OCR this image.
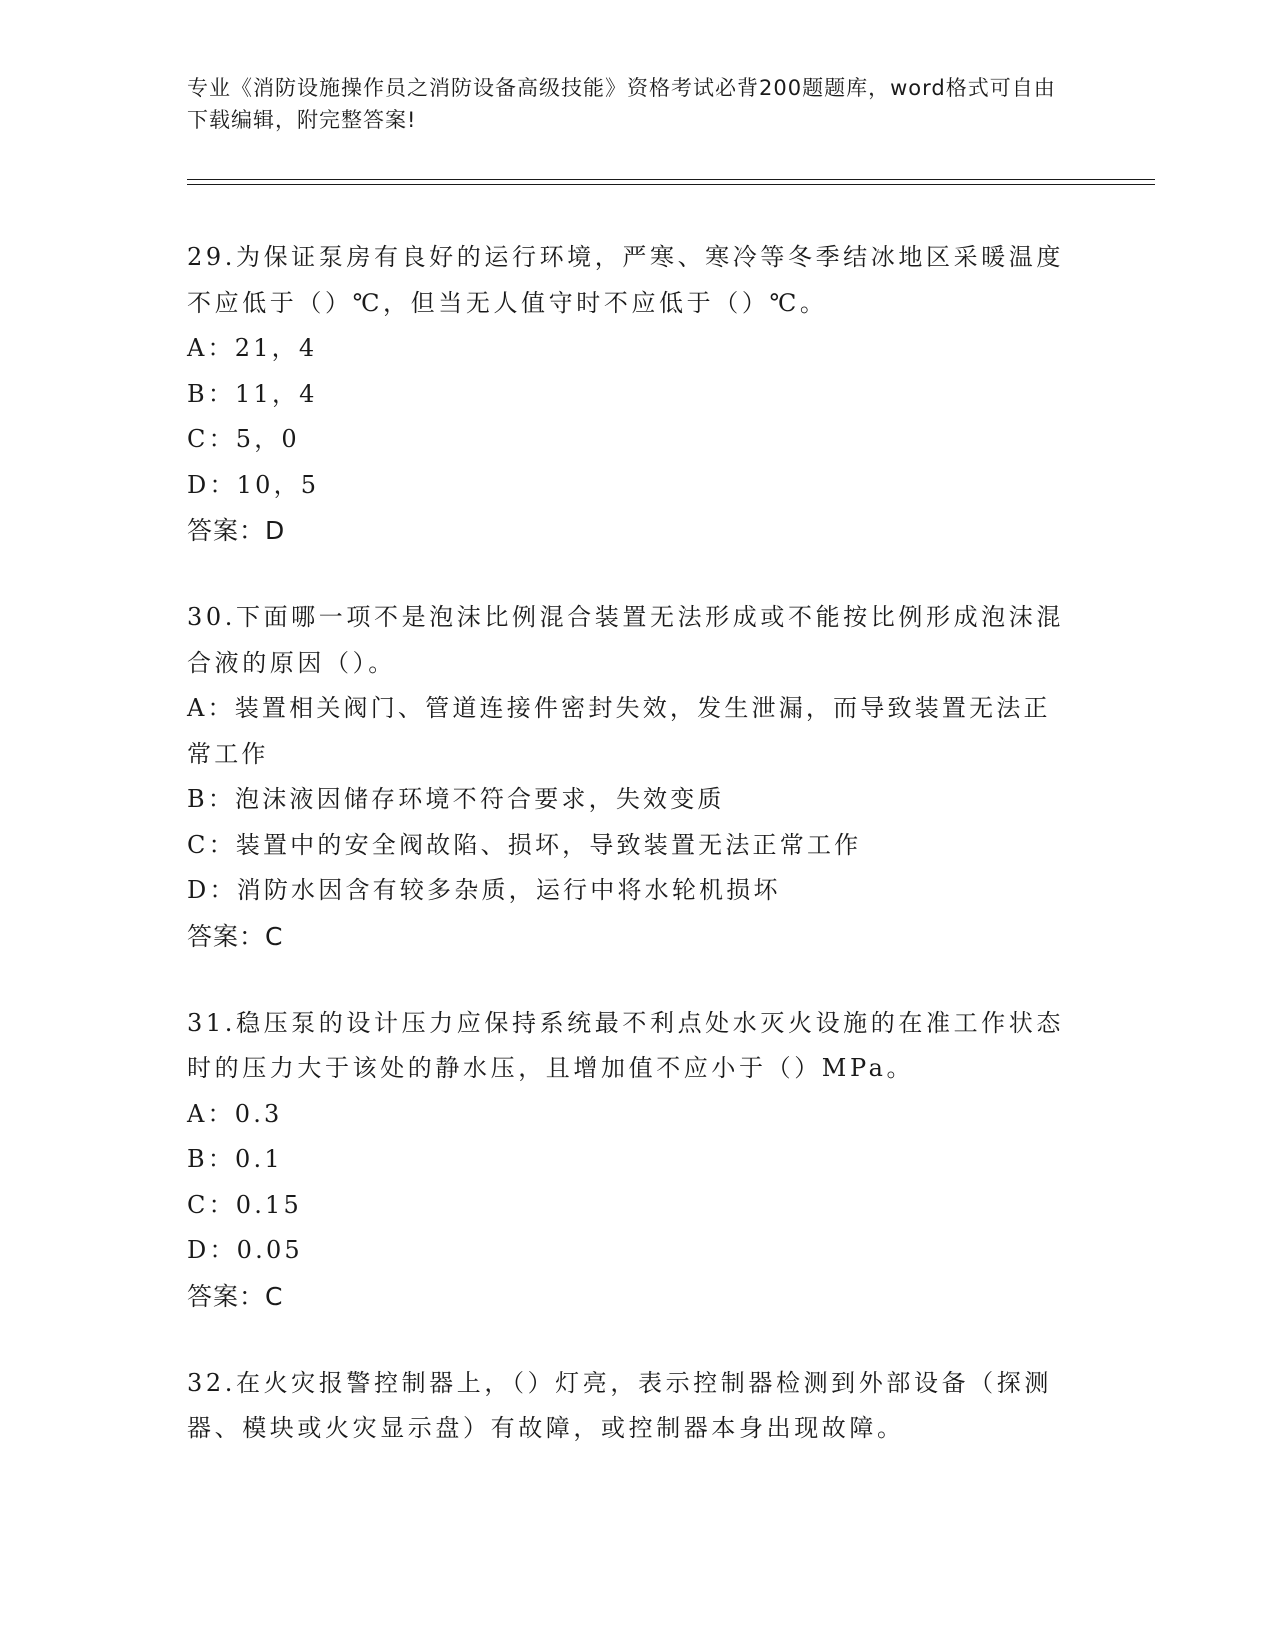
专业《消防设施操作员之消防设备高级技能》资格考试必背200题题库，word格式可自由下载编辑，附完整答案!
29.为保证泵房有良好的运行环境，严寒、寒冷等冬季结冰地区采暖温度不应低于（）℃，但当无人值守时不应低于（）℃。
A：21，4
B：11，4
C：5，0
D：10，5
答案：D
30.下面哪一项不是泡沫比例混合装置无法形成或不能按比例形成泡沫混合液的原因（）。
A：装置相关阀门、管道连接件密封失效，发生泄漏，而导致装置无法正常工作
B：泡沫液因储存环境不符合要求，失效变质
C：装置中的安全阀故陷、损坏，导致装置无法正常工作
D：消防水因含有较多杂质，运行中将水轮机损坏
答案：C
31.稳压泵的设计压力应保持系统最不利点处水灭火设施的在准工作状态时的压力大于该处的静水压，且增加值不应小于（）MPa。
A：0.3
B：0.1
C：0.15
D：0.05
答案：C
32.在火灾报警控制器上，（）灯亮，表示控制器检测到外部设备（探测器、模块或火灾显示盘）有故障，或控制器本身出现故障。
